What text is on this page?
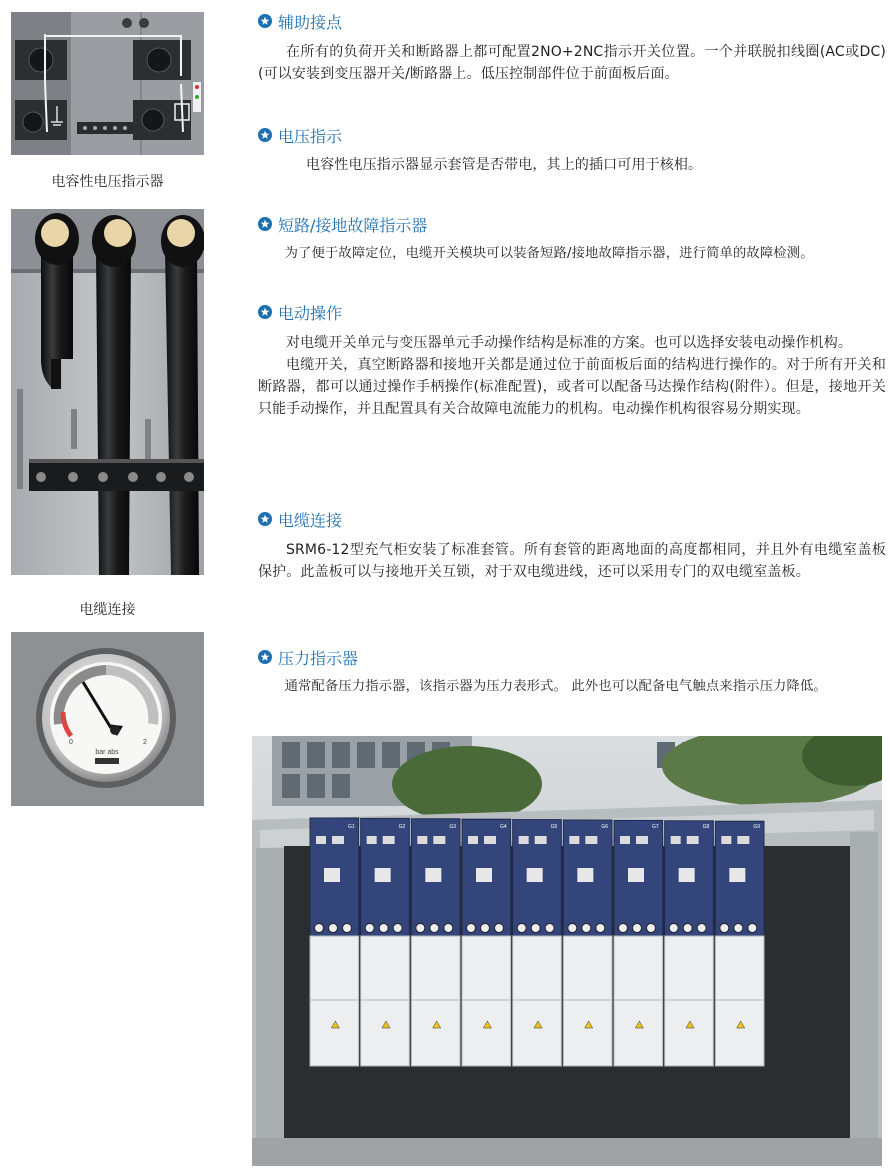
电容性电压指示器
电缆连接
bar abs
0	2
辅助接点

在所有的负荷开关和断路器上都可配置2NO+2NC指示开关位置。一个并联脱扣线圈(AC或DC)(可以安装到变压器开关/断路器上。低压控制部件位于前面板后面。

电压指示

电容性电压指示器显示套管是否带电，其上的插口可用于核相。

短路/接地故障指示器

为了便于故障定位，电缆开关模块可以装备短路/接地故障指示器，进行简单的故障检测。

电动操作

对电缆开关单元与变压器单元手动操作结构是标准的方案。也可以选择安装电动操作机构。

电缆开关，真空断路器和接地开关都是通过位于前面板后面的结构进行操作的。对于所有开关和断路器，都可以通过操作手柄操作(标准配置)，或者可以配备马达操作结构(附件）。但是，接地开关只能手动操作，并且配置具有关合故障电流能力的机构。电动操作机构很容易分期实现。

电缆连接

SRM6-12型充气柜安装了标准套管。所有套管的距离地面的高度都相同，并且外有电缆室盖板保护。此盖板可以与接地开关互锁，对于双电缆进线，还可以采用专门的双电缆室盖板。

压力指示器

通常配备压力指示器，该指示器为压力表形式。 此外也可以配备电气触点来指示压力降低。

G1	G2	G3	G4	G5	G6	G7	G8	G9
